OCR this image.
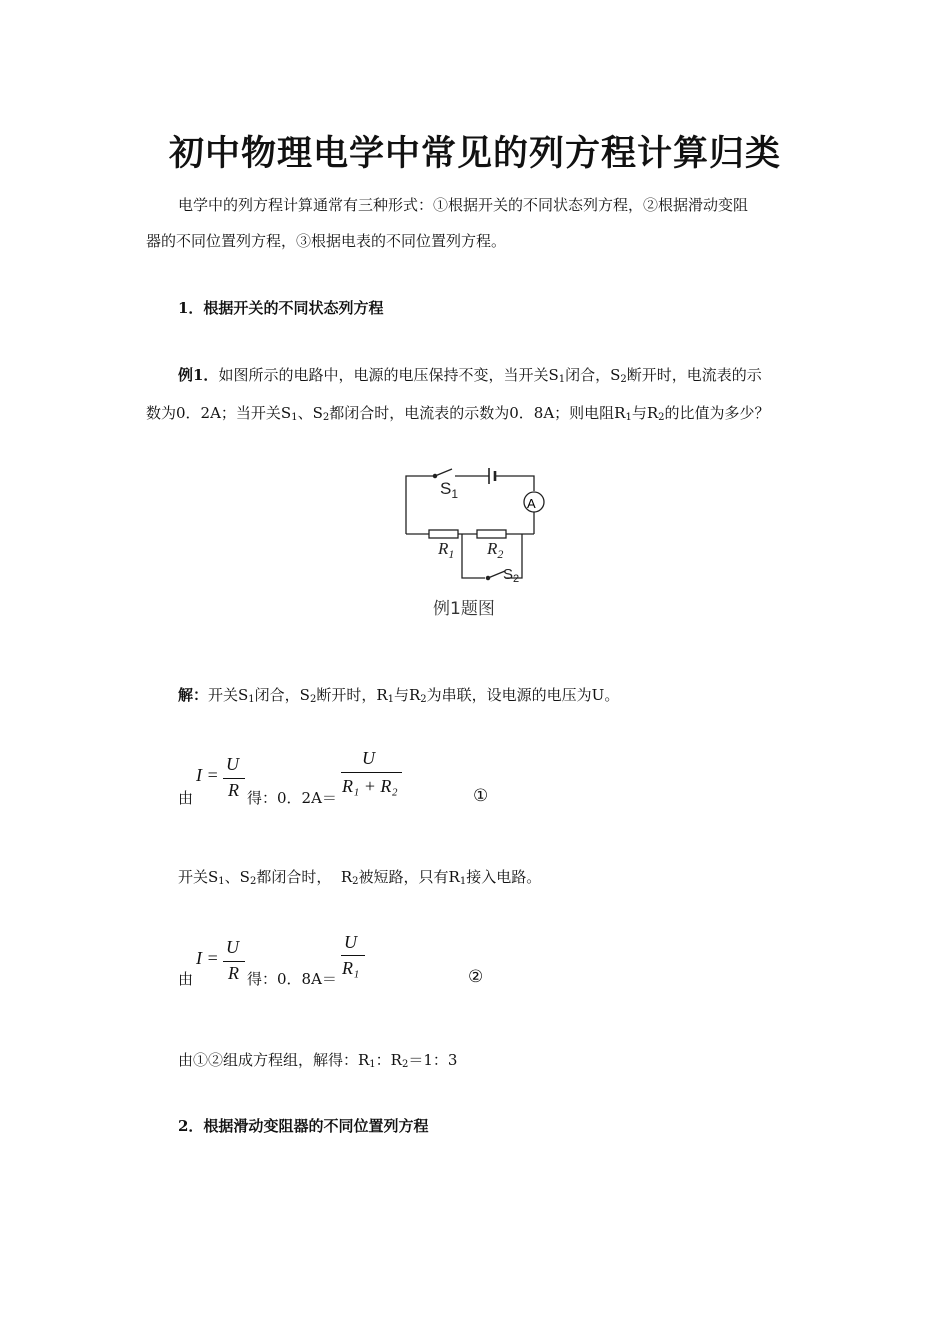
初中物理电学中常见的列方程计算归类
电学中的列方程计算通常有三种形式：①根据开关的不同状态列方程，②根据滑动变阻
器的不同位置列方程，③根据电表的不同位置列方程。
1．根据开关的不同状态列方程
例1．如图所示的电路中，电源的电压保持不变，当开关$S_1$闭合，$S_2$断开时，电流表的示
数为0．2A；当开关$S_1$、$S_2$都闭合时，电流表的示数为0．8A；则电阻$R_1$与$R_2$的比值为多少？
A
$S_1$
$R_1$ $R_2$
$S_2$
例1题图
解：开关$S_1$闭合，$S_2$断开时，$R_1$与$R_2$为串联，设电源的电压为U。
由
I =
U
R 得：0．2A＝
U
R₁ + R₂	①
开关$S_1$、$S_2$都闭合时， $R_2$被短路，只有$R_1$接入电路。
由
I =
U
R 得：0．8A＝
U
R₁	②
由①②组成方程组，解得：$R_1$：$R_2=1$：3
2．根据滑动变阻器的不同位置列方程
